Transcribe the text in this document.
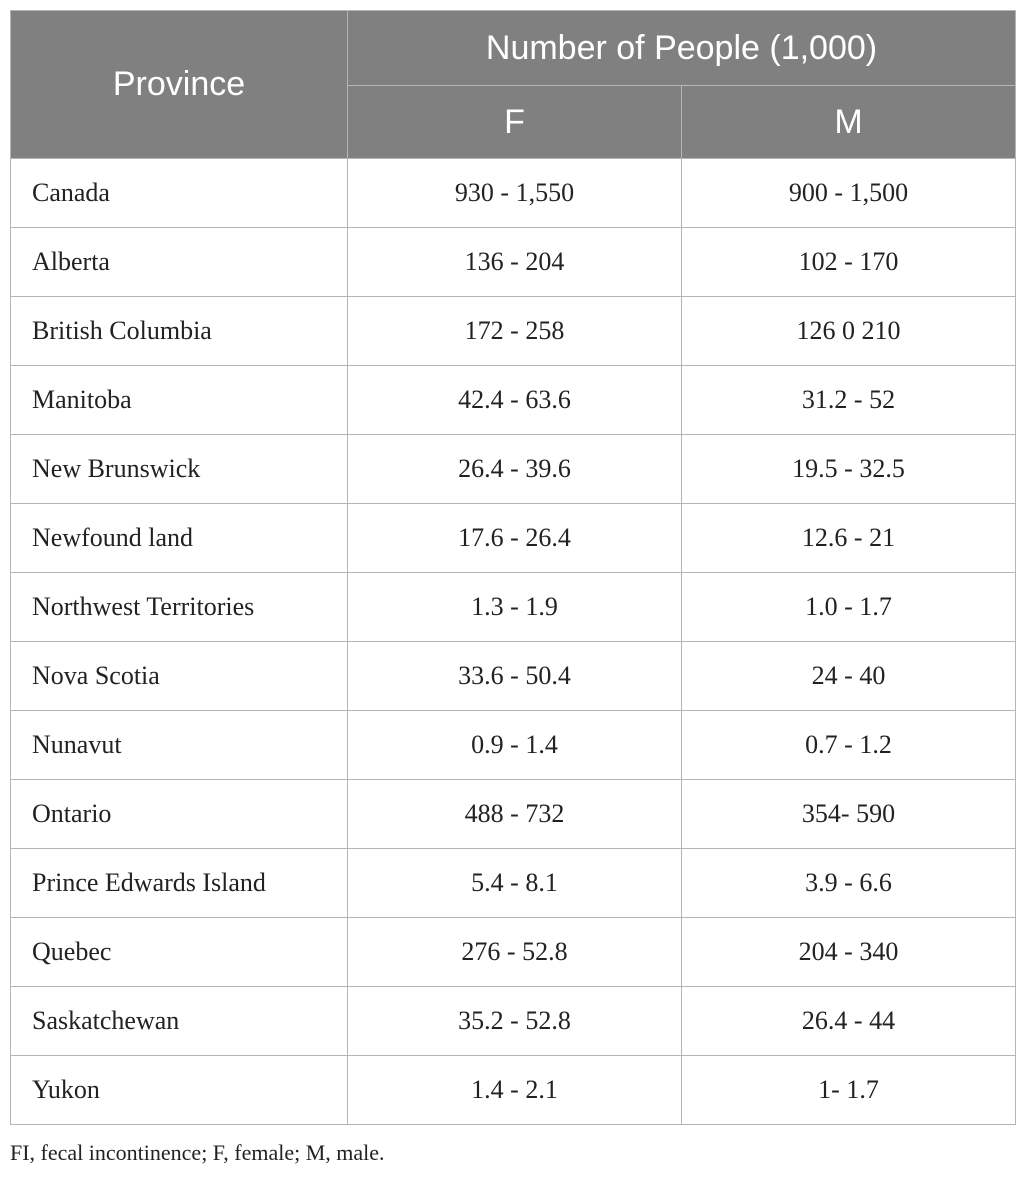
Province	Number of People (1,000)	
	F	M
Canada	930 - 1,550	900 - 1,500
Alberta	136 - 204	102 - 170
British Columbia	172 - 258	126 0 210
Manitoba	42.4 - 63.6	31.2 - 52
New Brunswick	26.4 - 39.6	19.5 - 32.5
Newfound land	17.6 - 26.4	12.6 - 21
Northwest Territories	1.3 - 1.9	1.0 - 1.7
Nova Scotia	33.6 - 50.4	24 - 40
Nunavut	0.9 - 1.4	0.7 - 1.2
Ontario	488 - 732	354- 590
Prince Edwards Island	5.4 - 8.1	3.9 - 6.6
Quebec	276 - 52.8	204 - 340
Saskatchewan	35.2 - 52.8	26.4 - 44
Yukon	1.4 - 2.1	1- 1.7
FI, fecal incontinence; F, female; M, male.
